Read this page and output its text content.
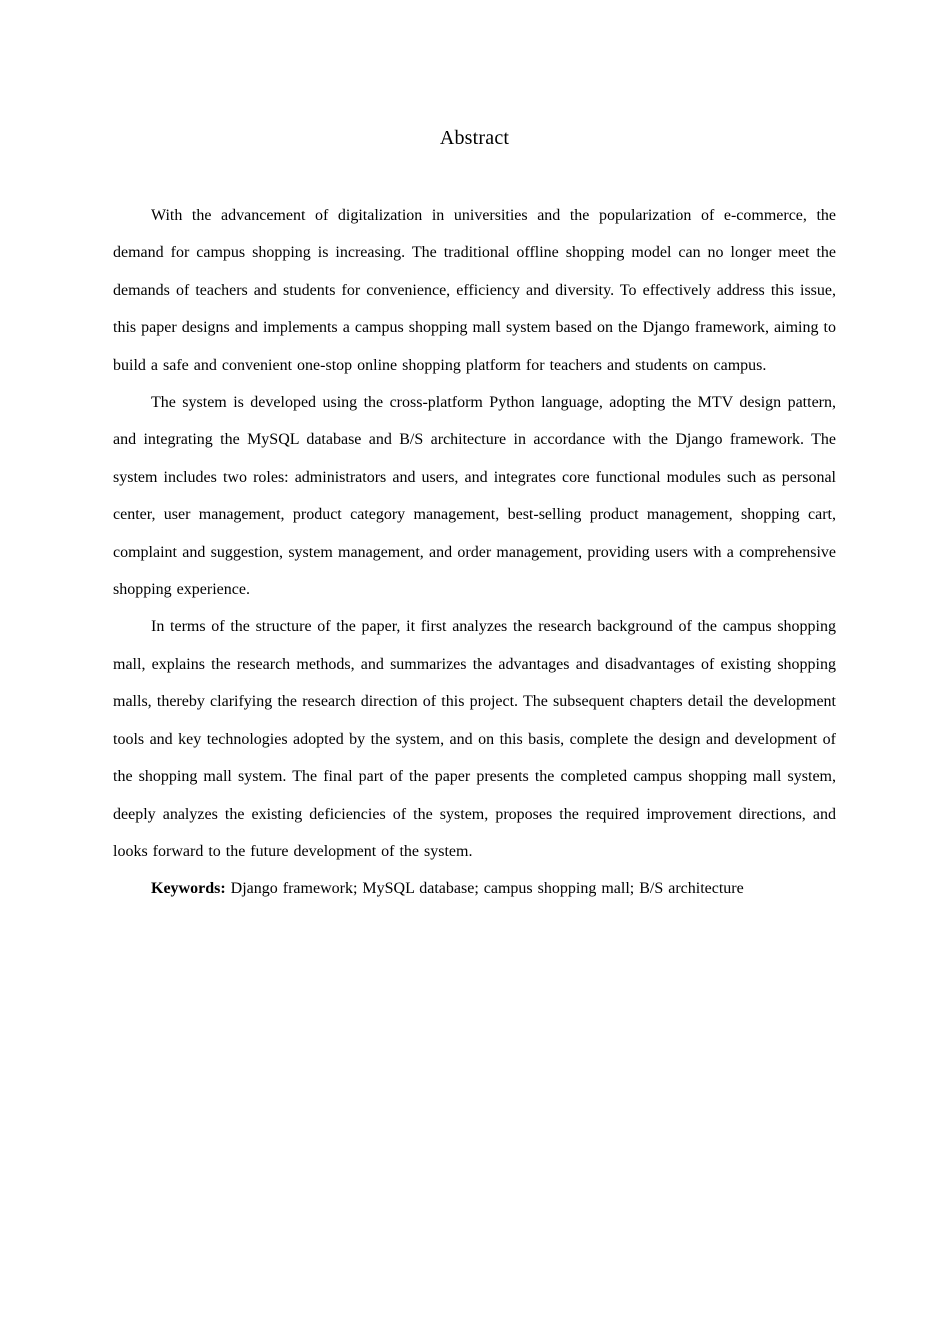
Abstract

With the advancement of digitalization in universities and the popularization of e-commerce, the demand for campus shopping is increasing. The traditional offline shopping model can no longer meet the demands of teachers and students for convenience, efficiency and diversity. To effectively address this issue, this paper designs and implements a campus shopping mall system based on the Django framework, aiming to build a safe and convenient one-stop online shopping platform for teachers and students on campus.

The system is developed using the cross-platform Python language, adopting the MTV design pattern, and integrating the MySQL database and B/S architecture in accordance with the Django framework. The system includes two roles: administrators and users, and integrates core functional modules such as personal center, user management, product category management, best-selling product management, shopping cart, complaint and suggestion, system management, and order management, providing users with a comprehensive shopping experience.

In terms of the structure of the paper, it first analyzes the research background of the campus shopping mall, explains the research methods, and summarizes the advantages and disadvantages of existing shopping malls, thereby clarifying the research direction of this project. The subsequent chapters detail the development tools and key technologies adopted by the system, and on this basis, complete the design and development of the shopping mall system. The final part of the paper presents the completed campus shopping mall system, deeply analyzes the existing deficiencies of the system, proposes the required improvement directions, and looks forward to the future development of the system.

Keywords: Django framework; MySQL database; campus shopping mall; B/S architecture
